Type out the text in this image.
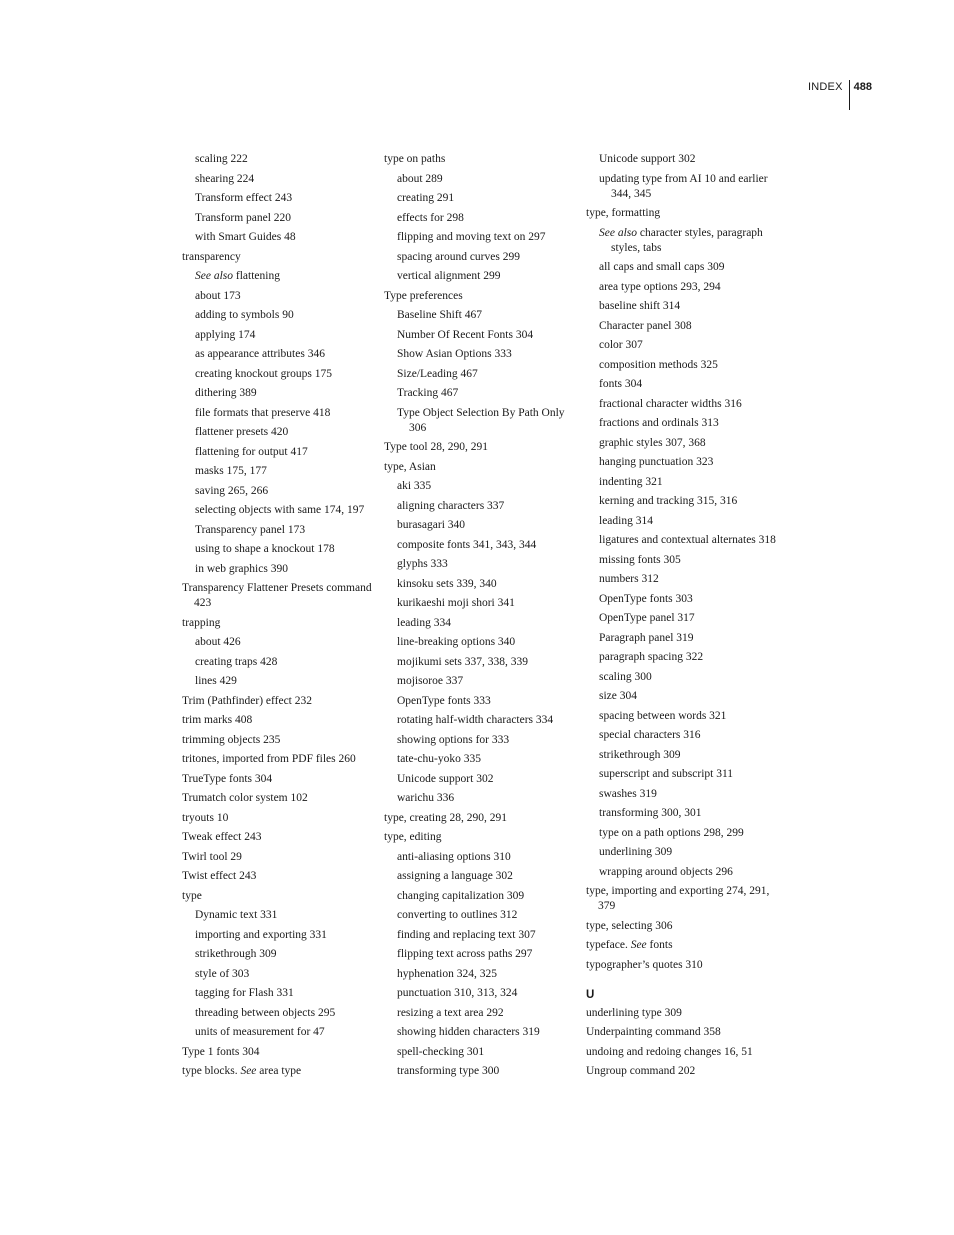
INDEX	488
scaling 222
shearing 224
Transform effect 243
Transform panel 220
with Smart Guides 48
transparency
See also flattening
about 173
adding to symbols 90
applying 174
as appearance attributes 346
creating knockout groups 175
dithering 389
file formats that preserve 418
flattener presets 420
flattening for output 417
masks 175, 177
saving 265, 266
selecting objects with same 174, 197
Transparency panel 173
using to shape a knockout 178
in web graphics 390
Transparency Flattener Presets command 423
trapping
about 426
creating traps 428
lines 429
Trim (Pathfinder) effect 232
trim marks 408
trimming objects 235
tritones, imported from PDF files 260
TrueType fonts 304
Trumatch color system 102
tryouts 10
Tweak effect 243
Twirl tool 29
Twist effect 243
type
Dynamic text 331
importing and exporting 331
strikethrough 309
style of 303
tagging for Flash 331
threading between objects 295
units of measurement for 47
Type 1 fonts 304
type blocks. See area type
type on paths
about 289
creating 291
effects for 298
flipping and moving text on 297
spacing around curves 299
vertical alignment 299
Type preferences
Baseline Shift 467
Number Of Recent Fonts 304
Show Asian Options 333
Size/Leading 467
Tracking 467
Type Object Selection By Path Only 306
Type tool 28, 290, 291
type, Asian
aki 335
aligning characters 337
burasagari 340
composite fonts 341, 343, 344
glyphs 333
kinsoku sets 339, 340
kurikaeshi moji shori 341
leading 334
line-breaking options 340
mojikumi sets 337, 338, 339
mojisoroe 337
OpenType fonts 333
rotating half-width characters 334
showing options for 333
tate-chu-yoko 335
Unicode support 302
warichu 336
type, creating 28, 290, 291
type, editing
anti-aliasing options 310
assigning a language 302
changing capitalization 309
converting to outlines 312
finding and replacing text 307
flipping text across paths 297
hyphenation 324, 325
punctuation 310, 313, 324
resizing a text area 292
showing hidden characters 319
spell-checking 301
transforming type 300
Unicode support 302
updating type from AI 10 and earlier 344, 345
type, formatting
See also character styles, paragraph styles, tabs
all caps and small caps 309
area type options 293, 294
baseline shift 314
Character panel 308
color 307
composition methods 325
fonts 304
fractional character widths 316
fractions and ordinals 313
graphic styles 307, 368
hanging punctuation 323
indenting 321
kerning and tracking 315, 316
leading 314
ligatures and contextual alternates 318
missing fonts 305
numbers 312
OpenType fonts 303
OpenType panel 317
Paragraph panel 319
paragraph spacing 322
scaling 300
size 304
spacing between words 321
special characters 316
strikethrough 309
superscript and subscript 311
swashes 319
transforming 300, 301
type on a path options 298, 299
underlining 309
wrapping around objects 296
type, importing and exporting 274, 291, 379
type, selecting 306
typeface. See fonts
typographer’s quotes 310
U
underlining type 309
Underpainting command 358
undoing and redoing changes 16, 51
Ungroup command 202
